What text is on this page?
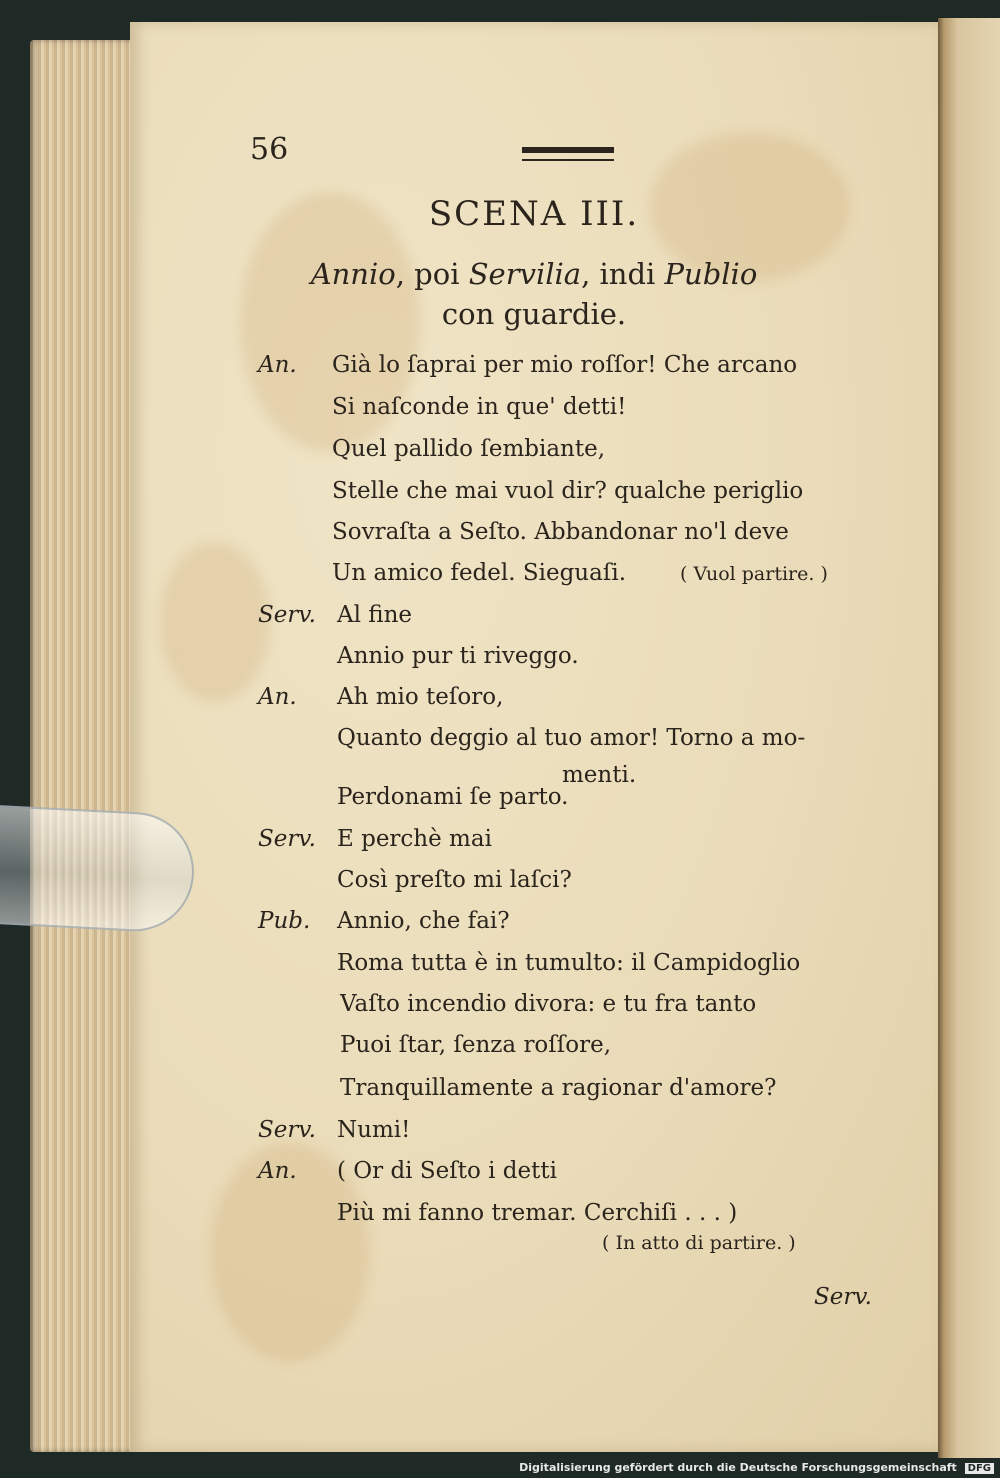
56
SCENA III.
Annio, poi Servilia, indi Publio
con guardie.
An. Già lo ſaprai per mio roſſor! Che arcano
Si naſconde in que' detti!
Quel pallido ſembiante,
Stelle che mai vuol dir? qualche periglio
Sovraſta a Seſto. Abbandonar no'l deve
Un amico fedel. Sieguaſi.	( Vuol partire. )
Serv. Al fine
Annio pur ti riveggo.
An. Ah mio teſoro,
Quanto deggio al tuo amor! Torno a mo-
menti.
Perdonami ſe parto.
Serv. E perchè mai
Così preſto mi laſci?
Pub. Annio, che fai?
Roma tutta è in tumulto: il Campidoglio
Vaſto incendio divora: e tu fra tanto
Puoi ſtar, ſenza roſſore,
Tranquillamente a ragionar d'amore?
Serv. Numi!
An. ( Or di Seſto i detti
Più mi fanno tremar. Cerchiſi . . . )
( In atto di partire. )
Serv.
Digitalisierung gefördert durch die Deutsche Forschungsgemeinschaft DFG
